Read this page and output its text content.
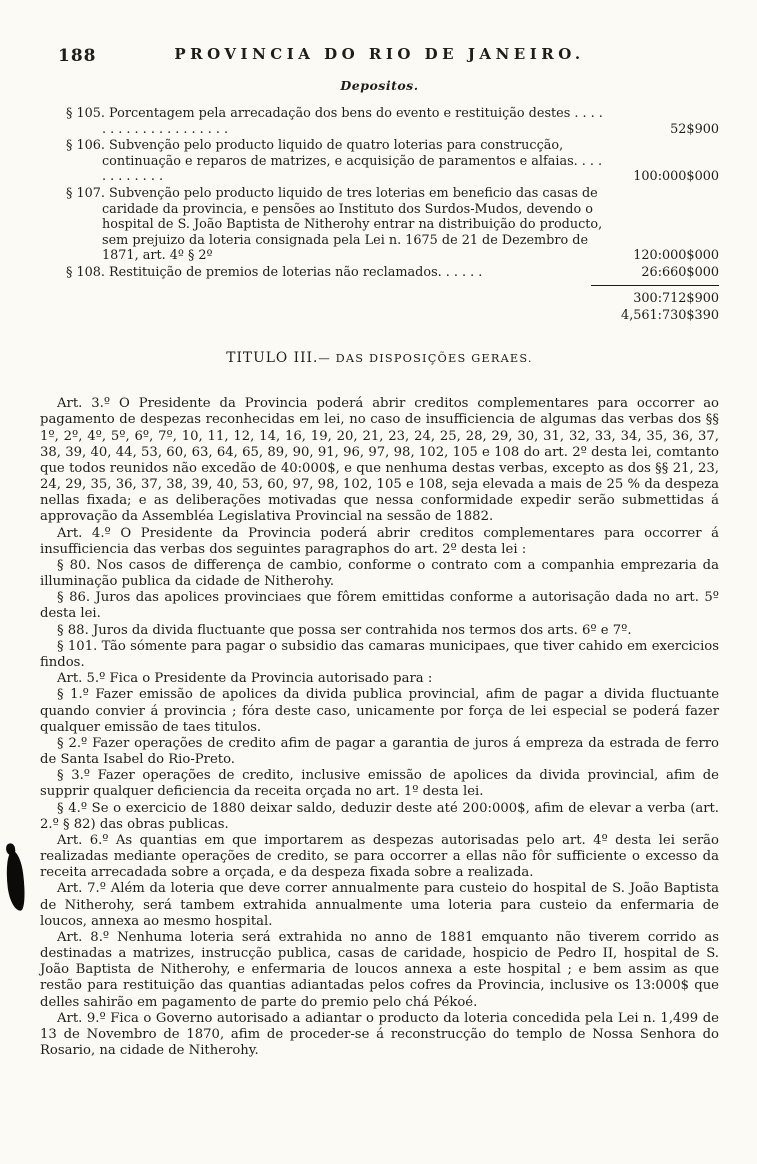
188	PROVINCIA DO RIO DE JANEIRO.
Depositos.
§ 105. Porcentagem pela arrecadação dos bens do evento e restituição destes . . . . . . . . . . . . . . . . . . . .	52$900
§ 106. Subvenção pelo producto liquido de quatro loterias para construcção, continuação e reparos de matrizes, e acquisição de paramentos e alfaias. . . . . . . . . . . .	100:000$000
§ 107. Subvenção pelo producto liquido de tres loterias em beneficio das casas de caridade da provincia, e pensões ao Instituto dos Surdos-Mudos, devendo o hospital de S. João Baptista de Nitherohy entrar na distribuição do producto, sem prejuizo da loteria consignada pela Lei n. 1675 de 21 de Dezembro de 1871, art. 4º § 2º	120:000$000
§ 108. Restituição de premios de loterias não reclamados. . . . . .	26:660$000
300:712$900
4,561:730$390
TITULO III.— DAS DISPOSIÇÕES GERAES.

Art. 3.º O Presidente da Provincia poderá abrir creditos complementares para occorrer ao pagamento de despezas reconhecidas em lei, no caso de insufficiencia de algumas das verbas dos §§ 1º, 2º, 4º, 5º, 6º, 7º, 10, 11, 12, 14, 16, 19, 20, 21, 23, 24, 25, 28, 29, 30, 31, 32, 33, 34, 35, 36, 37, 38, 39, 40, 44, 53, 60, 63, 64, 65, 89, 90, 91, 96, 97, 98, 102, 105 e 108 do art. 2º desta lei, comtanto que todos reunidos não excedão de 40:000$, e que nenhuma destas verbas, excepto as dos §§ 21, 23, 24, 29, 35, 36, 37, 38, 39, 40, 53, 60, 97, 98, 102, 105 e 108, seja elevada a mais de 25 % da despeza nellas fixada; e as deliberações motivadas que nessa conformidade expedir serão submettidas á approvação da Assembléa Legislativa Provincial na sessão de 1882.

Art. 4.º O Presidente da Provincia poderá abrir creditos complementares para occorrer á insufficiencia das verbas dos seguintes paragraphos do art. 2º desta lei :

§ 80. Nos casos de differença de cambio, conforme o contrato com a companhia emprezaria da illuminação publica da cidade de Nitherohy.

§ 86. Juros das apolices provinciaes que fôrem emittidas conforme a autorisação dada no art. 5º desta lei.

§ 88. Juros da divida fluctuante que possa ser contrahida nos termos dos arts. 6º e 7º.

§ 101. Tão sómente para pagar o subsidio das camaras municipaes, que tiver cahido em exercicios findos.

Art. 5.º Fica o Presidente da Provincia autorisado para :

§ 1.º Fazer emissão de apolices da divida publica provincial, afim de pagar a divida fluctuante quando convier á provincia ; fóra deste caso, unicamente por força de lei especial se poderá fazer qualquer emissão de taes titulos.

§ 2.º Fazer operações de credito afim de pagar a garantia de juros á empreza da estrada de ferro de Santa Isabel do Rio-Preto.

§ 3.º Fazer operações de credito, inclusive emissão de apolices da divida provincial, afim de supprir qualquer deficiencia da receita orçada no art. 1º desta lei.

§ 4.º Se o exercicio de 1880 deixar saldo, deduzir deste até 200:000$, afim de elevar a verba (art. 2.º § 82) das obras publicas.

Art. 6.º As quantias em que importarem as despezas autorisadas pelo art. 4º desta lei serão realizadas mediante operações de credito, se para occorrer a ellas não fôr sufficiente o excesso da receita arrecadada sobre a orçada, e da despeza fixada sobre a realizada.

Art. 7.º Além da loteria que deve correr annualmente para custeio do hospital de S. João Baptista de Nitherohy, será tambem extrahida annualmente uma loteria para custeio da enfermaria de loucos, annexa ao mesmo hospital.

Art. 8.º Nenhuma loteria será extrahida no anno de 1881 emquanto não tiverem corrido as destinadas a matrizes, instrucção publica, casas de caridade, hospicio de Pedro II, hospital de S. João Baptista de Nitherohy, e enfermaria de loucos annexa a este hospital ; e bem assim as que restão para restituição das quantias adiantadas pelos cofres da Provincia, inclusive os 13:000$ que delles sahirão em pagamento de parte do premio pelo chá Pékoé.

Art. 9.º Fica o Governo autorisado a adiantar o producto da loteria concedida pela Lei n. 1,499 de 13 de Novembro de 1870, afim de proceder-se á reconstrucção do templo de Nossa Senhora do Rosario, na cidade de Nitherohy.
